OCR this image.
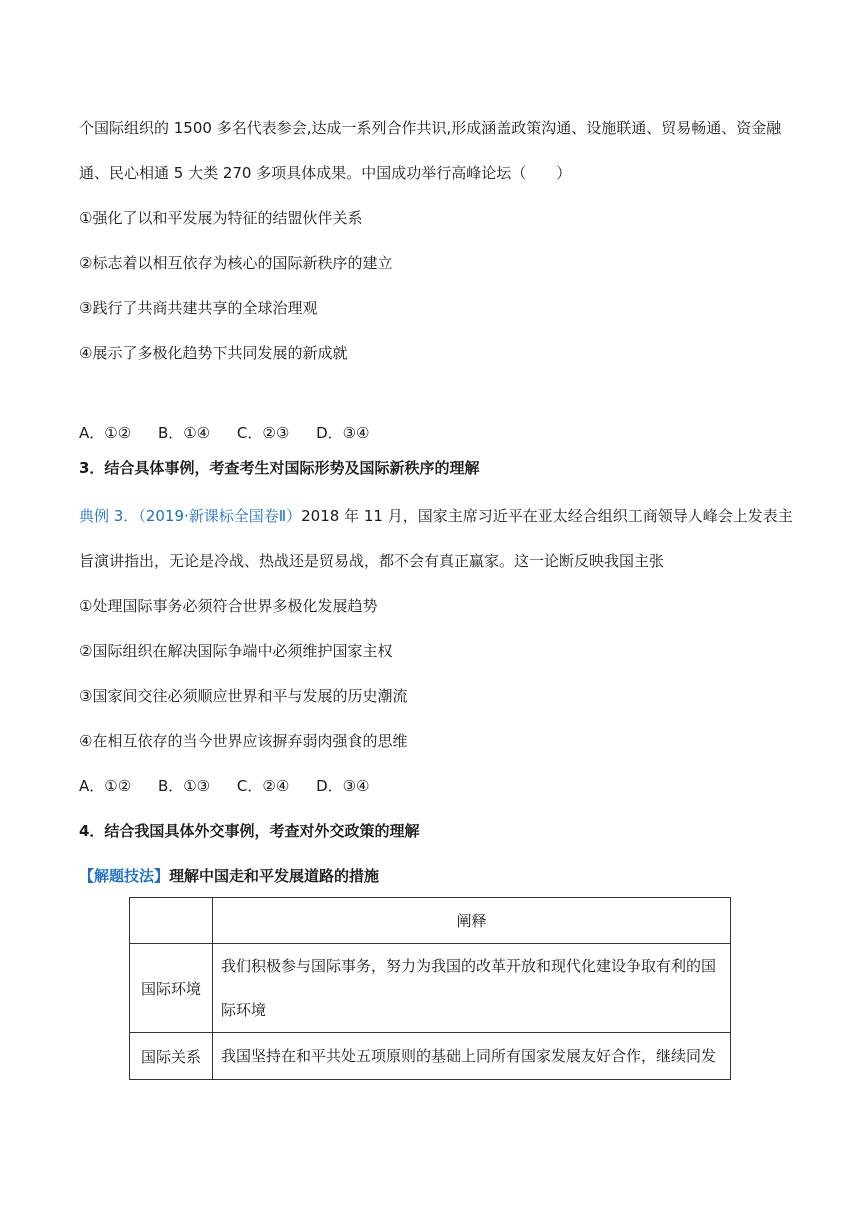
个国际组织的 1500 多名代表参会,达成一系列合作共识,形成涵盖政策沟通、设施联通、贸易畅通、资金融
通、民心相通 5 大类 270 多项具体成果。中国成功举行高峰论坛（　　）
①强化了以和平发展为特征的结盟伙伴关系
②标志着以相互依存为核心的国际新秩序的建立
③践行了共商共建共享的全球治理观
④展示了多极化趋势下共同发展的新成就
A．①② B．①④ C．②③ D．③④
3．结合具体事例，考查考生对国际形势及国际新秩序的理解
典例 3．（2019·新课标全国卷Ⅱ）2018 年 11 月，国家主席习近平在亚太经合组织工商领导人峰会上发表主
旨演讲指出，无论是冷战、热战还是贸易战，都不会有真正赢家。这一论断反映我国主张
①处理国际事务必须符合世界多极化发展趋势
②国际组织在解决国际争端中必须维护国家主权
③国家间交往必须顺应世界和平与发展的历史潮流
④在相互依存的当今世界应该摒弃弱肉强食的思维
A．①② B．①③ C．②④ D．③④
4．结合我国具体外交事例，考查对外交政策的理解
【解题技法】理解中国走和平发展道路的措施
	阐释
国际环境	我们积极参与国际事务，努力为我国的改革开放和现代化建设争取有利的国
际环境

国际关系	我国坚持在和平共处五项原则的基础上同所有国家发展友好合作，继续同发
